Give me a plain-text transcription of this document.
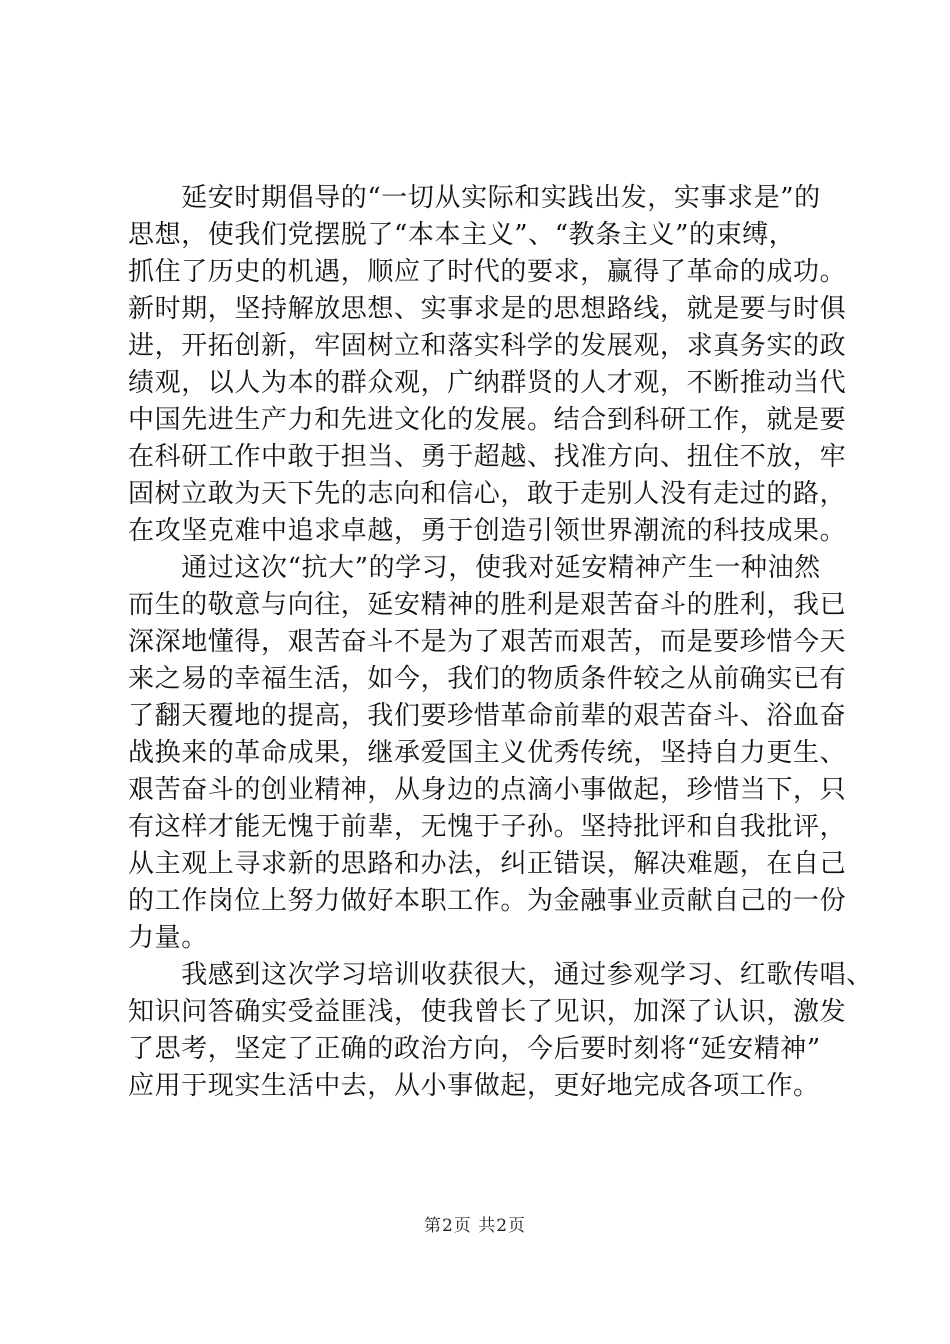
　　延安时期倡导的“一切从实际和实践出发，实事求是”的
思想，使我们党摆脱了“本本主义”、“教条主义”的束缚，
抓住了历史的机遇，顺应了时代的要求，赢得了革命的成功。
新时期，坚持解放思想、实事求是的思想路线，就是要与时俱
进，开拓创新，牢固树立和落实科学的发展观，求真务实的政
绩观，以人为本的群众观，广纳群贤的人才观，不断推动当代
中国先进生产力和先进文化的发展。结合到科研工作，就是要
在科研工作中敢于担当、勇于超越、找准方向、扭住不放，牢
固树立敢为天下先的志向和信心，敢于走别人没有走过的路，
在攻坚克难中追求卓越，勇于创造引领世界潮流的科技成果。
　　通过这次“抗大”的学习，使我对延安精神产生一种油然
而生的敬意与向往，延安精神的胜利是艰苦奋斗的胜利，我已
深深地懂得，艰苦奋斗不是为了艰苦而艰苦，而是要珍惜今天
来之易的幸福生活，如今，我们的物质条件较之从前确实已有
了翻天覆地的提高，我们要珍惜革命前辈的艰苦奋斗、浴血奋
战换来的革命成果，继承爱国主义优秀传统，坚持自力更生、
艰苦奋斗的创业精神，从身边的点滴小事做起，珍惜当下，只
有这样才能无愧于前辈，无愧于子孙。坚持批评和自我批评，
从主观上寻求新的思路和办法，纠正错误，解决难题，在自己
的工作岗位上努力做好本职工作。为金融事业贡献自己的一份
力量。
　　我感到这次学习培训收获很大，通过参观学习、红歌传唱、
知识问答确实受益匪浅，使我曾长了见识，加深了认识，激发
了思考，坚定了正确的政治方向，今后要时刻将“延安精神”
应用于现实生活中去，从小事做起，更好地完成各项工作。
第2页 共2页
